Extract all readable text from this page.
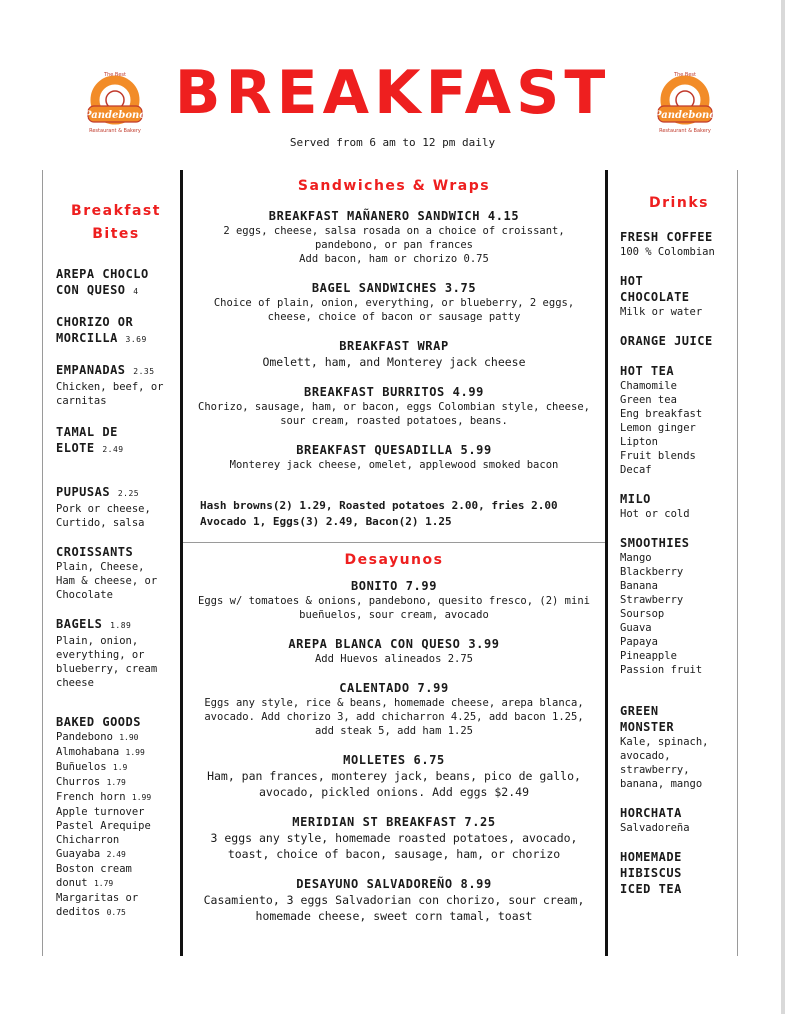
Pandebono
Restaurant & Bakery
The Best
Pandebono
Restaurant & Bakery
The Best
BREAKFAST
Served from 6 am to 12 pm daily
Breakfast
Bites
AREPA CHOCLO
CON QUESO 4
CHORIZO OR
MORCILLA 3.69
EMPANADAS 2.35
Chicken, beef, or
carnitas
TAMAL DE
ELOTE 2.49
PUPUSAS 2.25
Pork or cheese,
Curtido, salsa
CROISSANTS
Plain, Cheese,
Ham & cheese, or
Chocolate
BAGELS 1.89
Plain, onion,
everything, or
blueberry, cream
cheese
BAKED GOODS
Pandebono 1.90
Almohabana 1.99
Buñuelos 1.9
Churros 1.79
French horn 1.99
Apple turnover
Pastel Arequipe
Chicharron
Guayaba 2.49
Boston cream
donut 1.79
Margaritas or
deditos 0.75
Sandwiches & Wraps
BREAKFAST MAÑANERO SANDWICH 4.15
2 eggs, cheese, salsa rosada on a choice of croissant,
pandebono, or pan frances
Add bacon, ham or chorizo 0.75
BAGEL SANDWICHES 3.75
Choice of plain, onion, everything, or blueberry, 2 eggs,
cheese, choice of bacon or sausage patty
BREAKFAST WRAP
Omelett, ham, and Monterey jack cheese
BREAKFAST BURRITOS 4.99
Chorizo, sausage, ham, or bacon, eggs Colombian style, cheese,
sour cream, roasted potatoes, beans.
BREAKFAST QUESADILLA 5.99
Monterey jack cheese, omelet, applewood smoked bacon
Hash browns(2) 1.29, Roasted potatoes 2.00, fries 2.00
Avocado 1, Eggs(3) 2.49, Bacon(2) 1.25
Desayunos
BONITO 7.99
Eggs w/ tomatoes & onions, pandebono, quesito fresco, (2) mini
bueñuelos, sour cream, avocado
AREPA BLANCA CON QUESO 3.99
Add Huevos alineados 2.75
CALENTADO 7.99
Eggs any style, rice & beans, homemade cheese, arepa blanca,
avocado. Add chorizo 3, add chicharron 4.25, add bacon 1.25,
add steak 5, add ham 1.25
MOLLETES 6.75
Ham, pan frances, monterey jack, beans, pico de gallo,
avocado, pickled onions. Add eggs $2.49
MERIDIAN ST BREAKFAST 7.25
3 eggs any style, homemade roasted potatoes, avocado,
toast, choice of bacon, sausage, ham, or chorizo
DESAYUNO SALVADOREÑO 8.99
Casamiento, 3 eggs Salvadorian con chorizo, sour cream,
homemade cheese, sweet corn tamal, toast
Drinks
FRESH COFFEE
100 % Colombian
HOT
CHOCOLATE
Milk or water
ORANGE JUICE
HOT TEA
Chamomile
Green tea
Eng breakfast
Lemon ginger
Lipton
Fruit blends
Decaf
MILO
Hot or cold
SMOOTHIES
Mango
Blackberry
Banana
Strawberry
Soursop
Guava
Papaya
Pineapple
Passion fruit
GREEN
MONSTER
Kale, spinach,
avocado,
strawberry,
banana, mango
HORCHATA
Salvadoreña
HOMEMADE
HIBISCUS
ICED TEA
